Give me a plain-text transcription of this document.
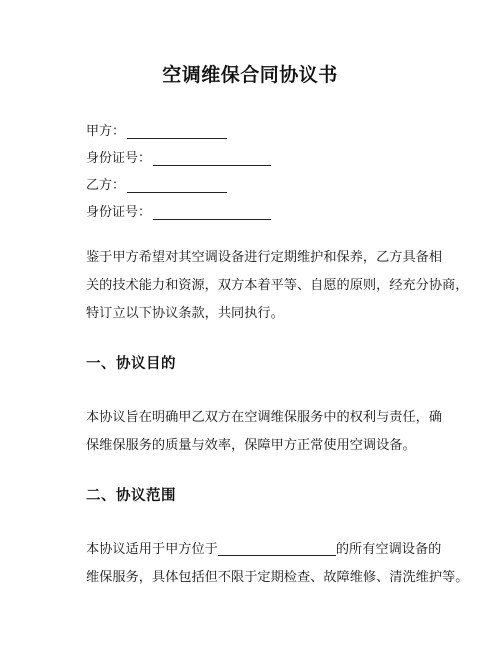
空调维保合同协议书
甲方：
身份证号：
乙方：
身份证号：
鉴于甲方希望对其空调设备进行定期维护和保养，乙方具备相
关的技术能力和资源，双方本着平等、自愿的原则，经充分协商，
特订立以下协议条款，共同执行。
一、协议目的
本协议旨在明确甲乙双方在空调维保服务中的权利与责任，确
保维保服务的质量与效率，保障甲方正常使用空调设备。
二、协议范围
本协议适用于甲方位于	的所有空调设备的
维保服务，具体包括但不限于定期检查、故障维修、清洗维护等。
